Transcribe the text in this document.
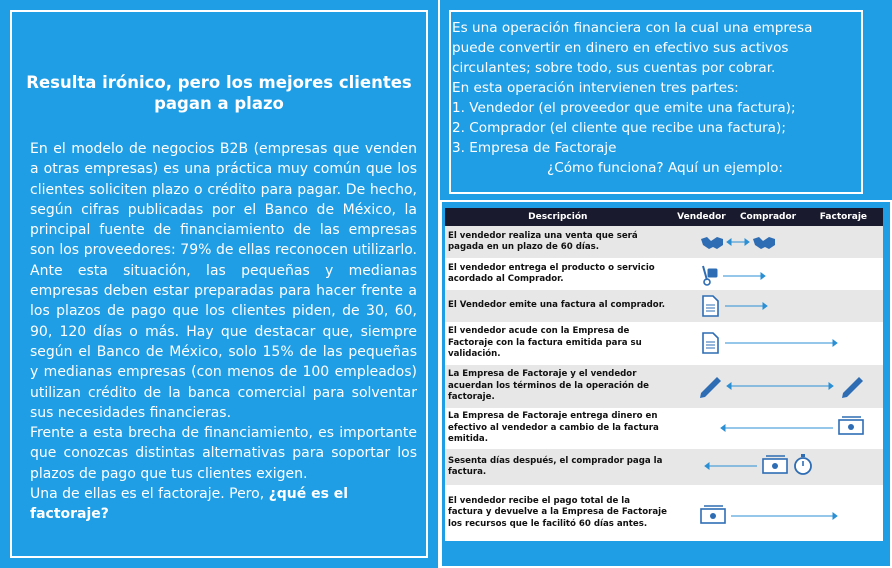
Resulta irónico, pero los mejores clientes pagan a plazo

En el modelo de negocios B2B (empresas que venden a otras empresas) es una práctica muy común que los clientes soliciten plazo o crédito para pagar. De hecho, según cifras publicadas por el Banco de México, la principal fuente de financiamiento de las empresas son los proveedores: 79% de ellas reconocen utilizarlo. Ante esta situación, las pequeñas y medianas empresas deben estar preparadas para hacer frente a los plazos de pago que los clientes piden, de 30, 60, 90, 120 días o más. Hay que destacar que, siempre según el Banco de México, solo 15% de las pequeñas y medianas empresas (con menos de 100 empleados) utilizan crédito de la banca comercial para solventar sus necesidades financieras.

Frente a esta brecha de financiamiento, es importante que conozcas distintas alternativas para soportar los plazos de pago que tus clientes exigen.

Una de ellas es el factoraje. Pero, ¿qué es el factoraje?

Es una operación financiera con la cual una empresa
puede convertir en dinero en efectivo sus activos
circulantes; sobre todo, sus cuentas por cobrar.
En esta operación intervienen tres partes:
1. Vendedor (el proveedor que emite una factura);
2. Comprador (el cliente que recibe una factura);
3. Empresa de Factoraje
¿Cómo funciona? Aquí un ejemplo:
Descripción	Vendedor	Comprador	Factoraje
El vendedor realiza una venta que será pagada en un plazo de 60 días.	

El vendedor entrega el producto o servicio acordado al Comprador.	

El Vendedor emite una factura al comprador.	

El vendedor acude con la Empresa de Factoraje con la factura emitida para su validación.	

La Empresa de Factoraje y el vendedor acuerdan los términos de la operación de factoraje.	

La Empresa de Factoraje entrega dinero en efectivo al vendedor a cambio de la factura emitida.	

Sesenta días después, el comprador paga la factura.	

El vendedor recibe el pago total de la factura y devuelve a la Empresa de Factoraje los recursos que le facilitó 60 días antes.	
